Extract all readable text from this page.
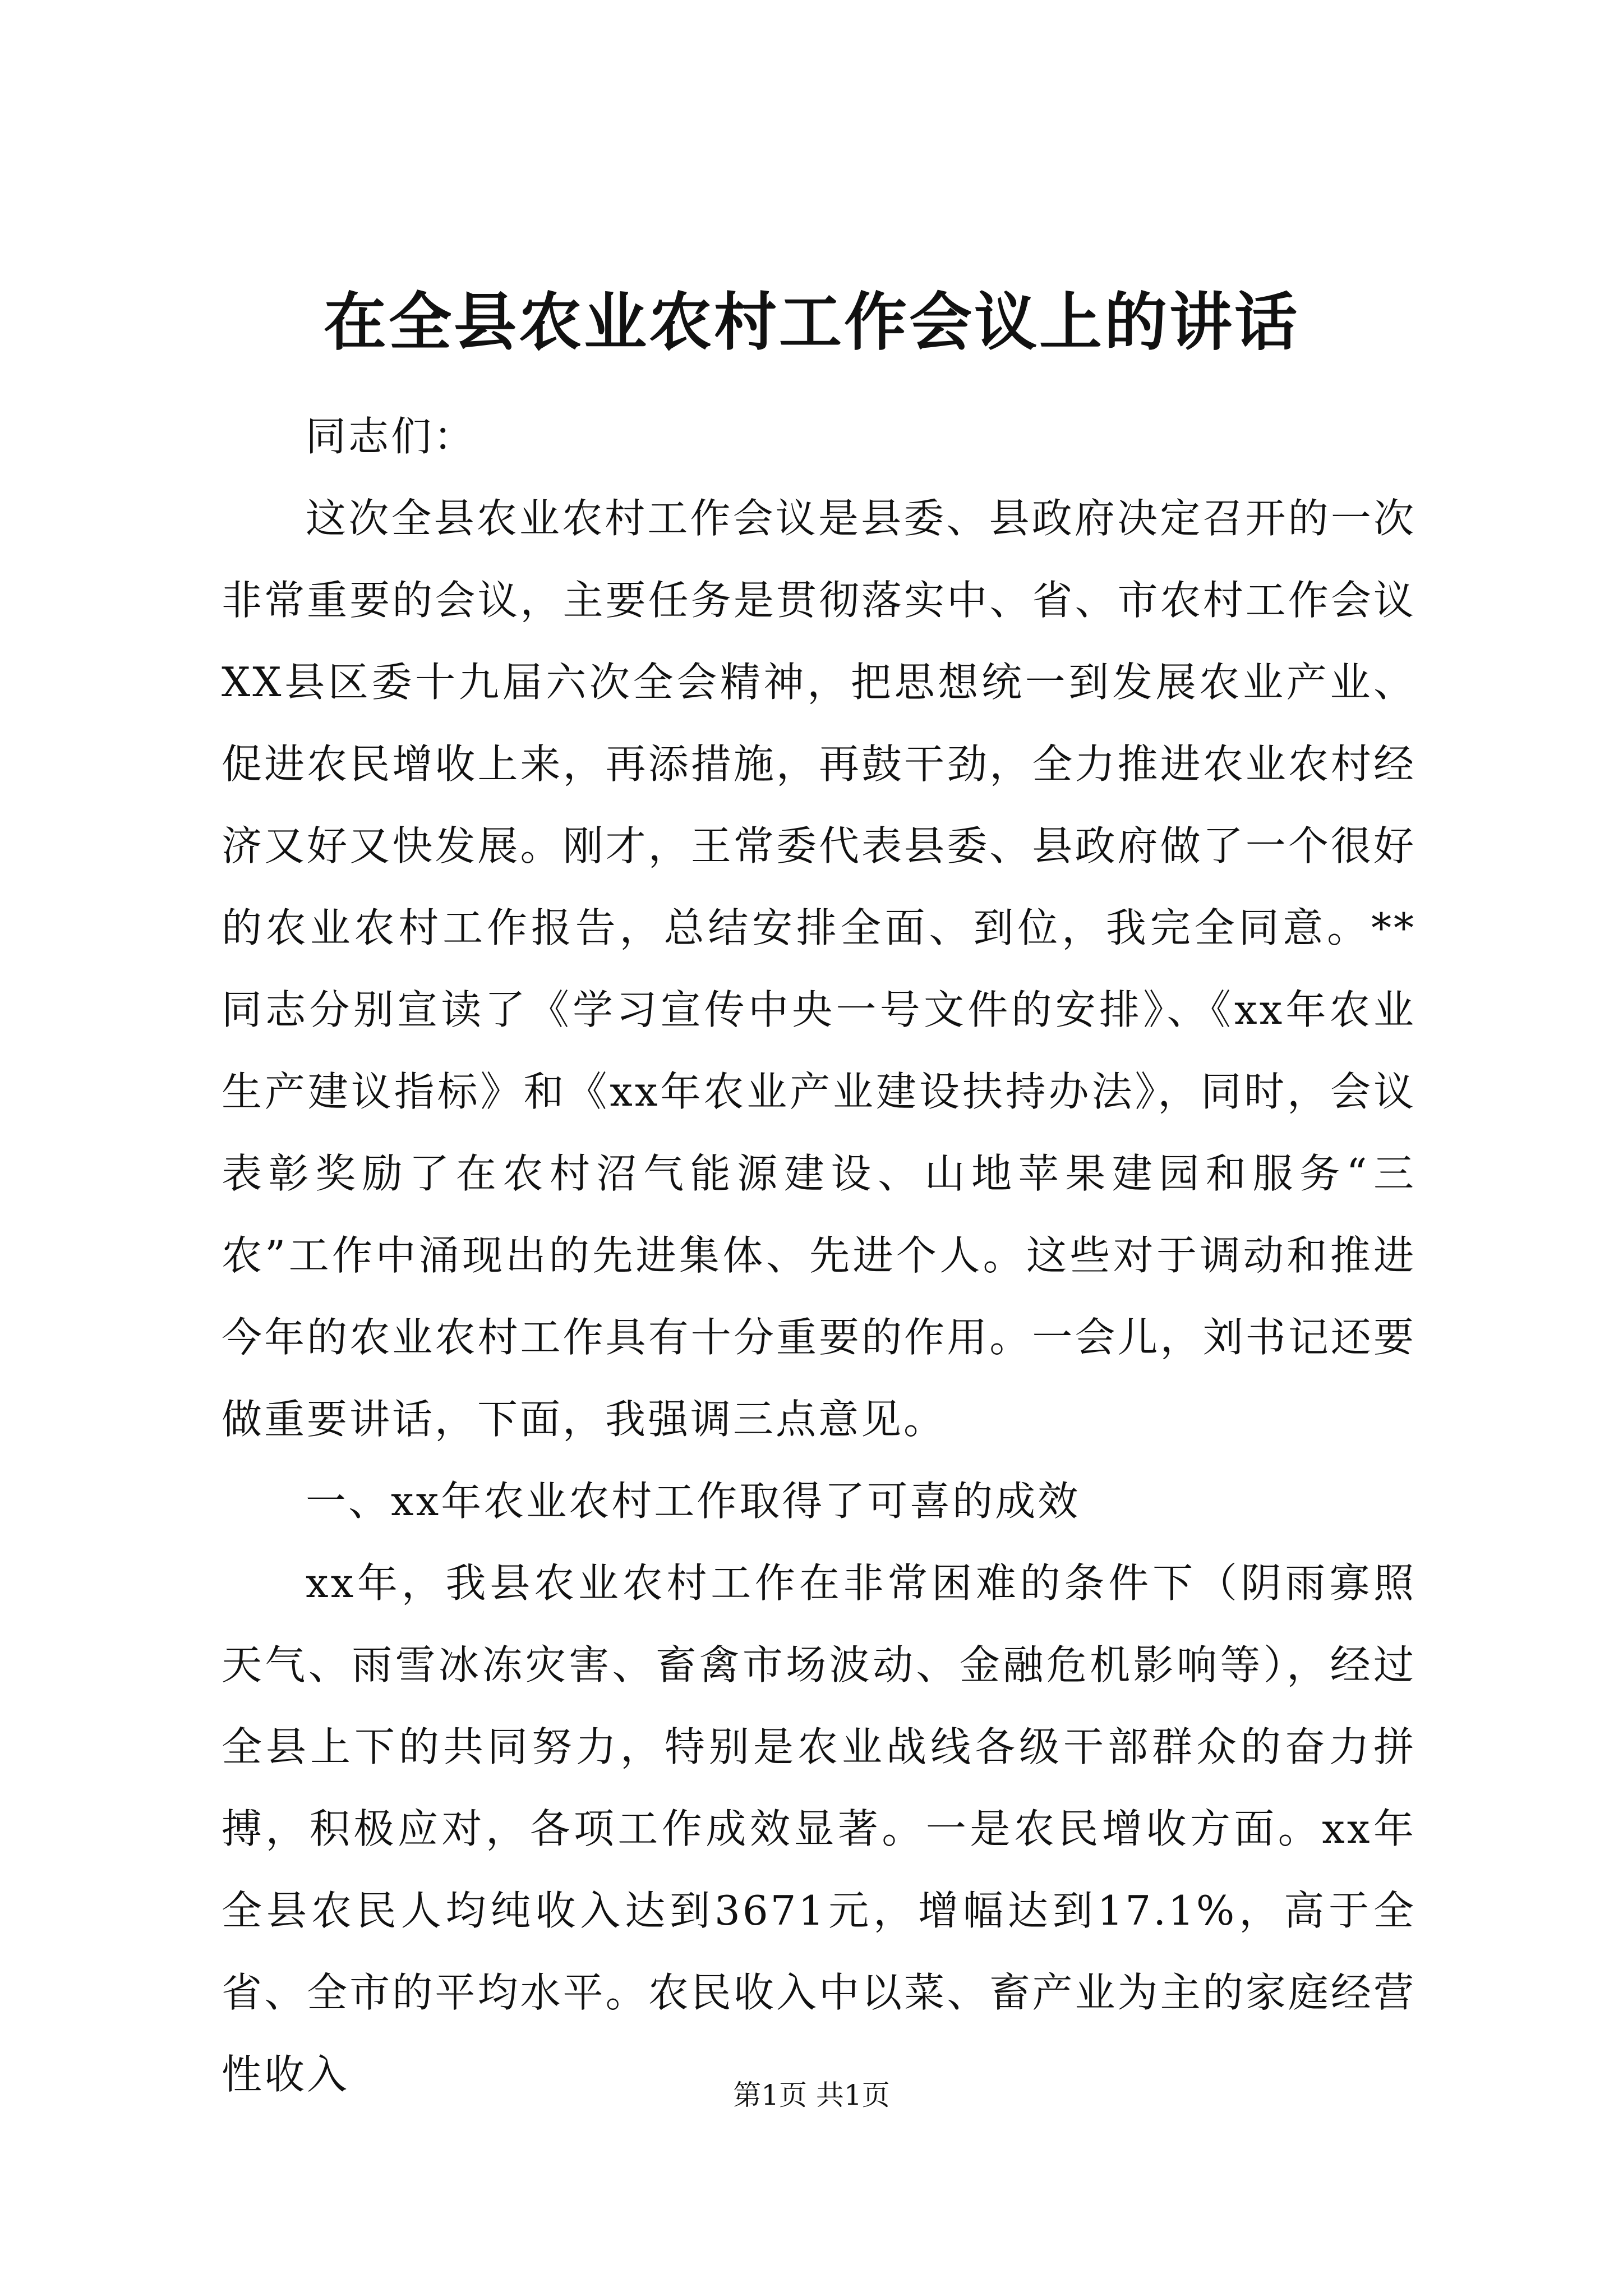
在全县农业农村工作会议上的讲话

同志们：

这次全县农业农村工作会议是县委、县政府决定召开的一次非常重要的会议，主要任务是贯彻落实中、省、市农村工作会议XX县区委十九届六次全会精神，把思想统一到发展农业产业、促进农民增收上来，再添措施，再鼓干劲，全力推进农业农村经济又好又快发展。刚才，王常委代表县委、县政府做了一个很好的农业农村工作报告，总结安排全面、到位，我完全同意。**同志分别宣读了《学习宣传中央一号文件的安排》、《xx年农业生产建议指标》和《xx年农业产业建设扶持办法》，同时，会议表彰奖励了在农村沼气能源建设、山地苹果建园和服务“三农”工作中涌现出的先进集体、先进个人。这些对于调动和推进今年的农业农村工作具有十分重要的作用。一会儿，刘书记还要做重要讲话，下面，我强调三点意见。

一、xx年农业农村工作取得了可喜的成效

xx年，我县农业农村工作在非常困难的条件下（阴雨寡照天气、雨雪冰冻灾害、畜禽市场波动、金融危机影响等），经过全县上下的共同努力，特别是农业战线各级干部群众的奋力拼搏，积极应对，各项工作成效显著。一是农民增收方面。xx年全县农民人均纯收入达到3671元，增幅达到17.1%，高于全省、全市的平均水平。农民收入中以菜、畜产业为主的家庭经营性收入	第1页 共1页
